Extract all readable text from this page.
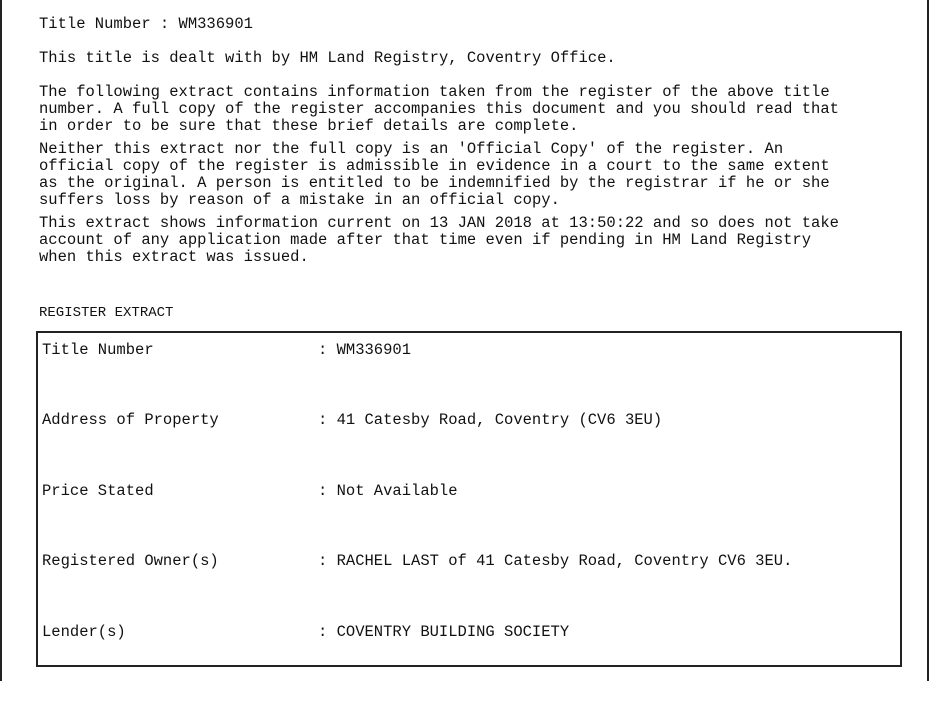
Title Number : WM336901
This title is dealt with by HM Land Registry, Coventry Office.
The following extract contains information taken from the register of the above title
number. A full copy of the register accompanies this document and you should read that
in order to be sure that these brief details are complete.
Neither this extract nor the full copy is an 'Official Copy' of the register. An
official copy of the register is admissible in evidence in a court to the same extent
as the original. A person is entitled to be indemnified by the registrar if he or she
suffers loss by reason of a mistake in an official copy.
This extract shows information current on 13 JAN 2018 at 13:50:22 and so does not take
account of any application made after that time even if pending in HM Land Registry
when this extract was issued.
REGISTER EXTRACT

Title Number

	: WM336901

Address of Property

	: 41 Catesby Road, Coventry (CV6 3EU)

Price Stated

	: Not Available

Registered Owner(s)

	: RACHEL LAST of 41 Catesby Road, Coventry CV6 3EU.

Lender(s)

	: COVENTRY BUILDING SOCIETY
